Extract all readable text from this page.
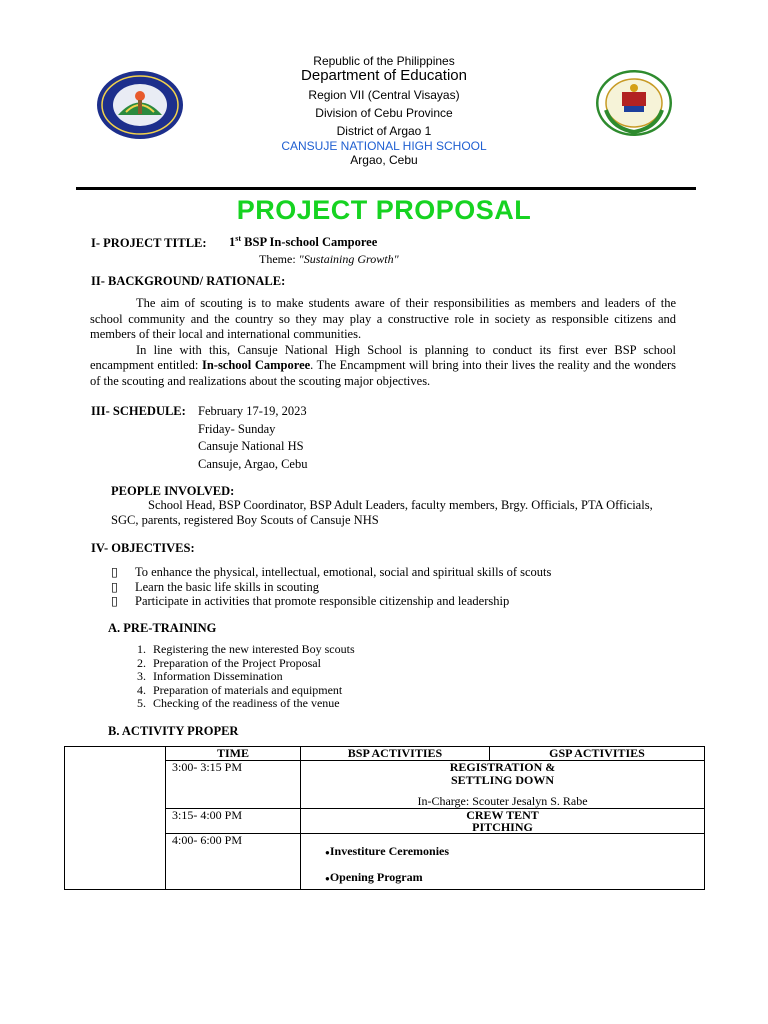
Republic of the Philippines
Department of Education
Region VII (Central Visayas)
Division of Cebu Province
District of Argao 1
CANSUJE NATIONAL HIGH SCHOOL
Argao, Cebu
PROJECT PROPOSAL
I- PROJECT TITLE: 1st BSP In-school Camporee
Theme: "Sustaining Growth"
II- BACKGROUND/ RATIONALE:

The aim of scouting is to make students aware of their responsibilities as members and leaders of the school community and the country so they may play a constructive role in society as responsible citizens and members of their local and international communities.

In line with this, Cansuje National High School is planning to conduct its first ever BSP school encampment entitled: In-school Camporee. The Encampment will bring into their lives the reality and the wonders of the scouting and realizations about the scouting major objectives.

III- SCHEDULE: February 17-19, 2023
Friday- Sunday
Cansuje National HS
Cansuje, Argao, Cebu
PEOPLE INVOLVED:
School Head, BSP Coordinator, BSP Adult Leaders, faculty members, Brgy. Officials, PTA Officials, SGC, parents, registered Boy Scouts of Cansuje NHS
IV- OBJECTIVES:
▯ To enhance the physical, intellectual, emotional, social and spiritual skills of scouts
▯ Learn the basic life skills in scouting
▯ Participate in activities that promote responsible citizenship and leadership
A. PRE-TRAINING
1. Registering the new interested Boy scouts
2. Preparation of the Project Proposal
3. Information Dissemination
4. Preparation of materials and equipment
5. Checking of the readiness of the venue
B. ACTIVITY PROPER
	TIME	BSP ACTIVITIES	GSP ACTIVITIES
	3:00- 3:15 PM	REGISTRATION &
SETTLING DOWN
In-Charge: Scouter Jesalyn S. Rabe	

	3:15- 4:00 PM	CREW TENT
PITCHING	

	4:00- 6:00 PM	●Investiture Ceremonies
●Opening Program	
